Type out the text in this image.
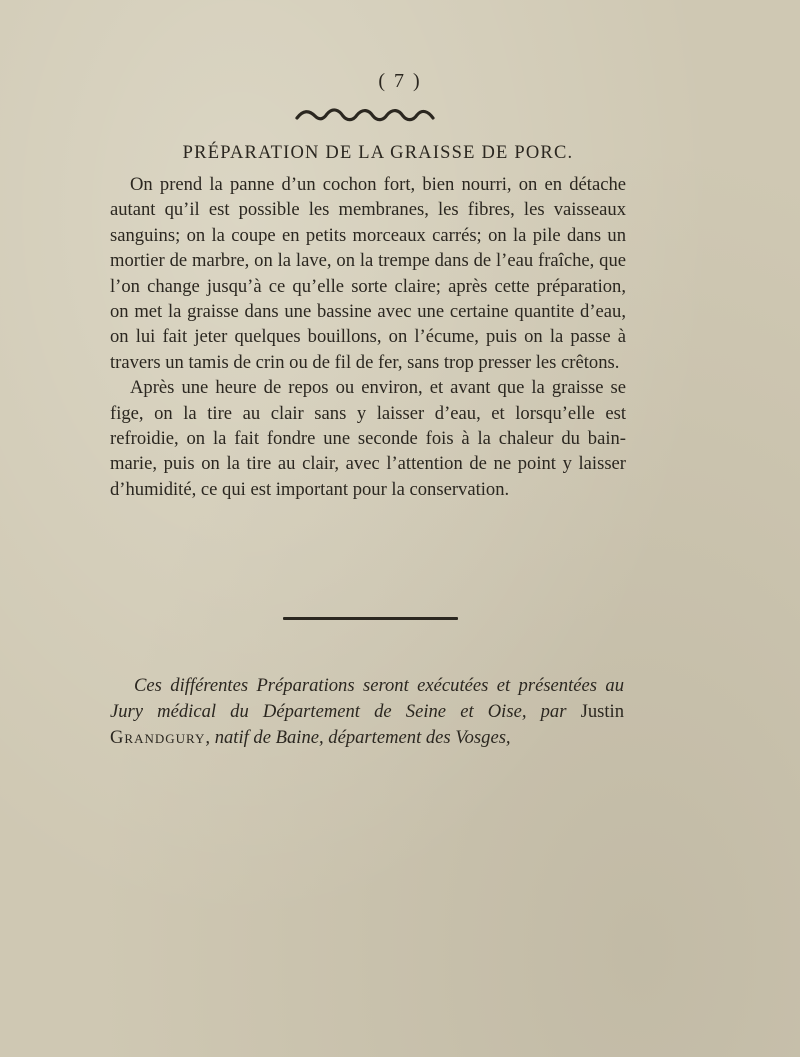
( 7 )
PRÉPARATION DE LA GRAISSE DE PORC.

On prend la panne d’un cochon fort, bien nourri, on en détache autant qu’il est possible les membranes, les fibres, les vaisseaux sanguins; on la coupe en petits morceaux carrés; on la pile dans un mortier de marbre, on la lave, on la trempe dans de l’eau fraîche, que l’on change jusqu’à ce qu’elle sorte claire; après cette préparation, on met la graisse dans une bassine avec une certaine quantite d’eau, on lui fait jeter quelques bouillons, on l’écume, puis on la passe à travers un tamis de crin ou de fil de fer, sans trop presser les crêtons.

Après une heure de repos ou environ, et avant que la graisse se fige, on la tire au clair sans y laisser d’eau, et lorsqu’elle est refroidie, on la fait fondre une seconde fois à la chaleur du bain-marie, puis on la tire au clair, avec l’attention de ne point y laisser d’humidité, ce qui est important pour la conservation.

Ces différentes Préparations seront exécutées et présentées au Jury médical du Département de Seine et Oise, par Justin Grandgury, natif de Baine, département des Vosges,
